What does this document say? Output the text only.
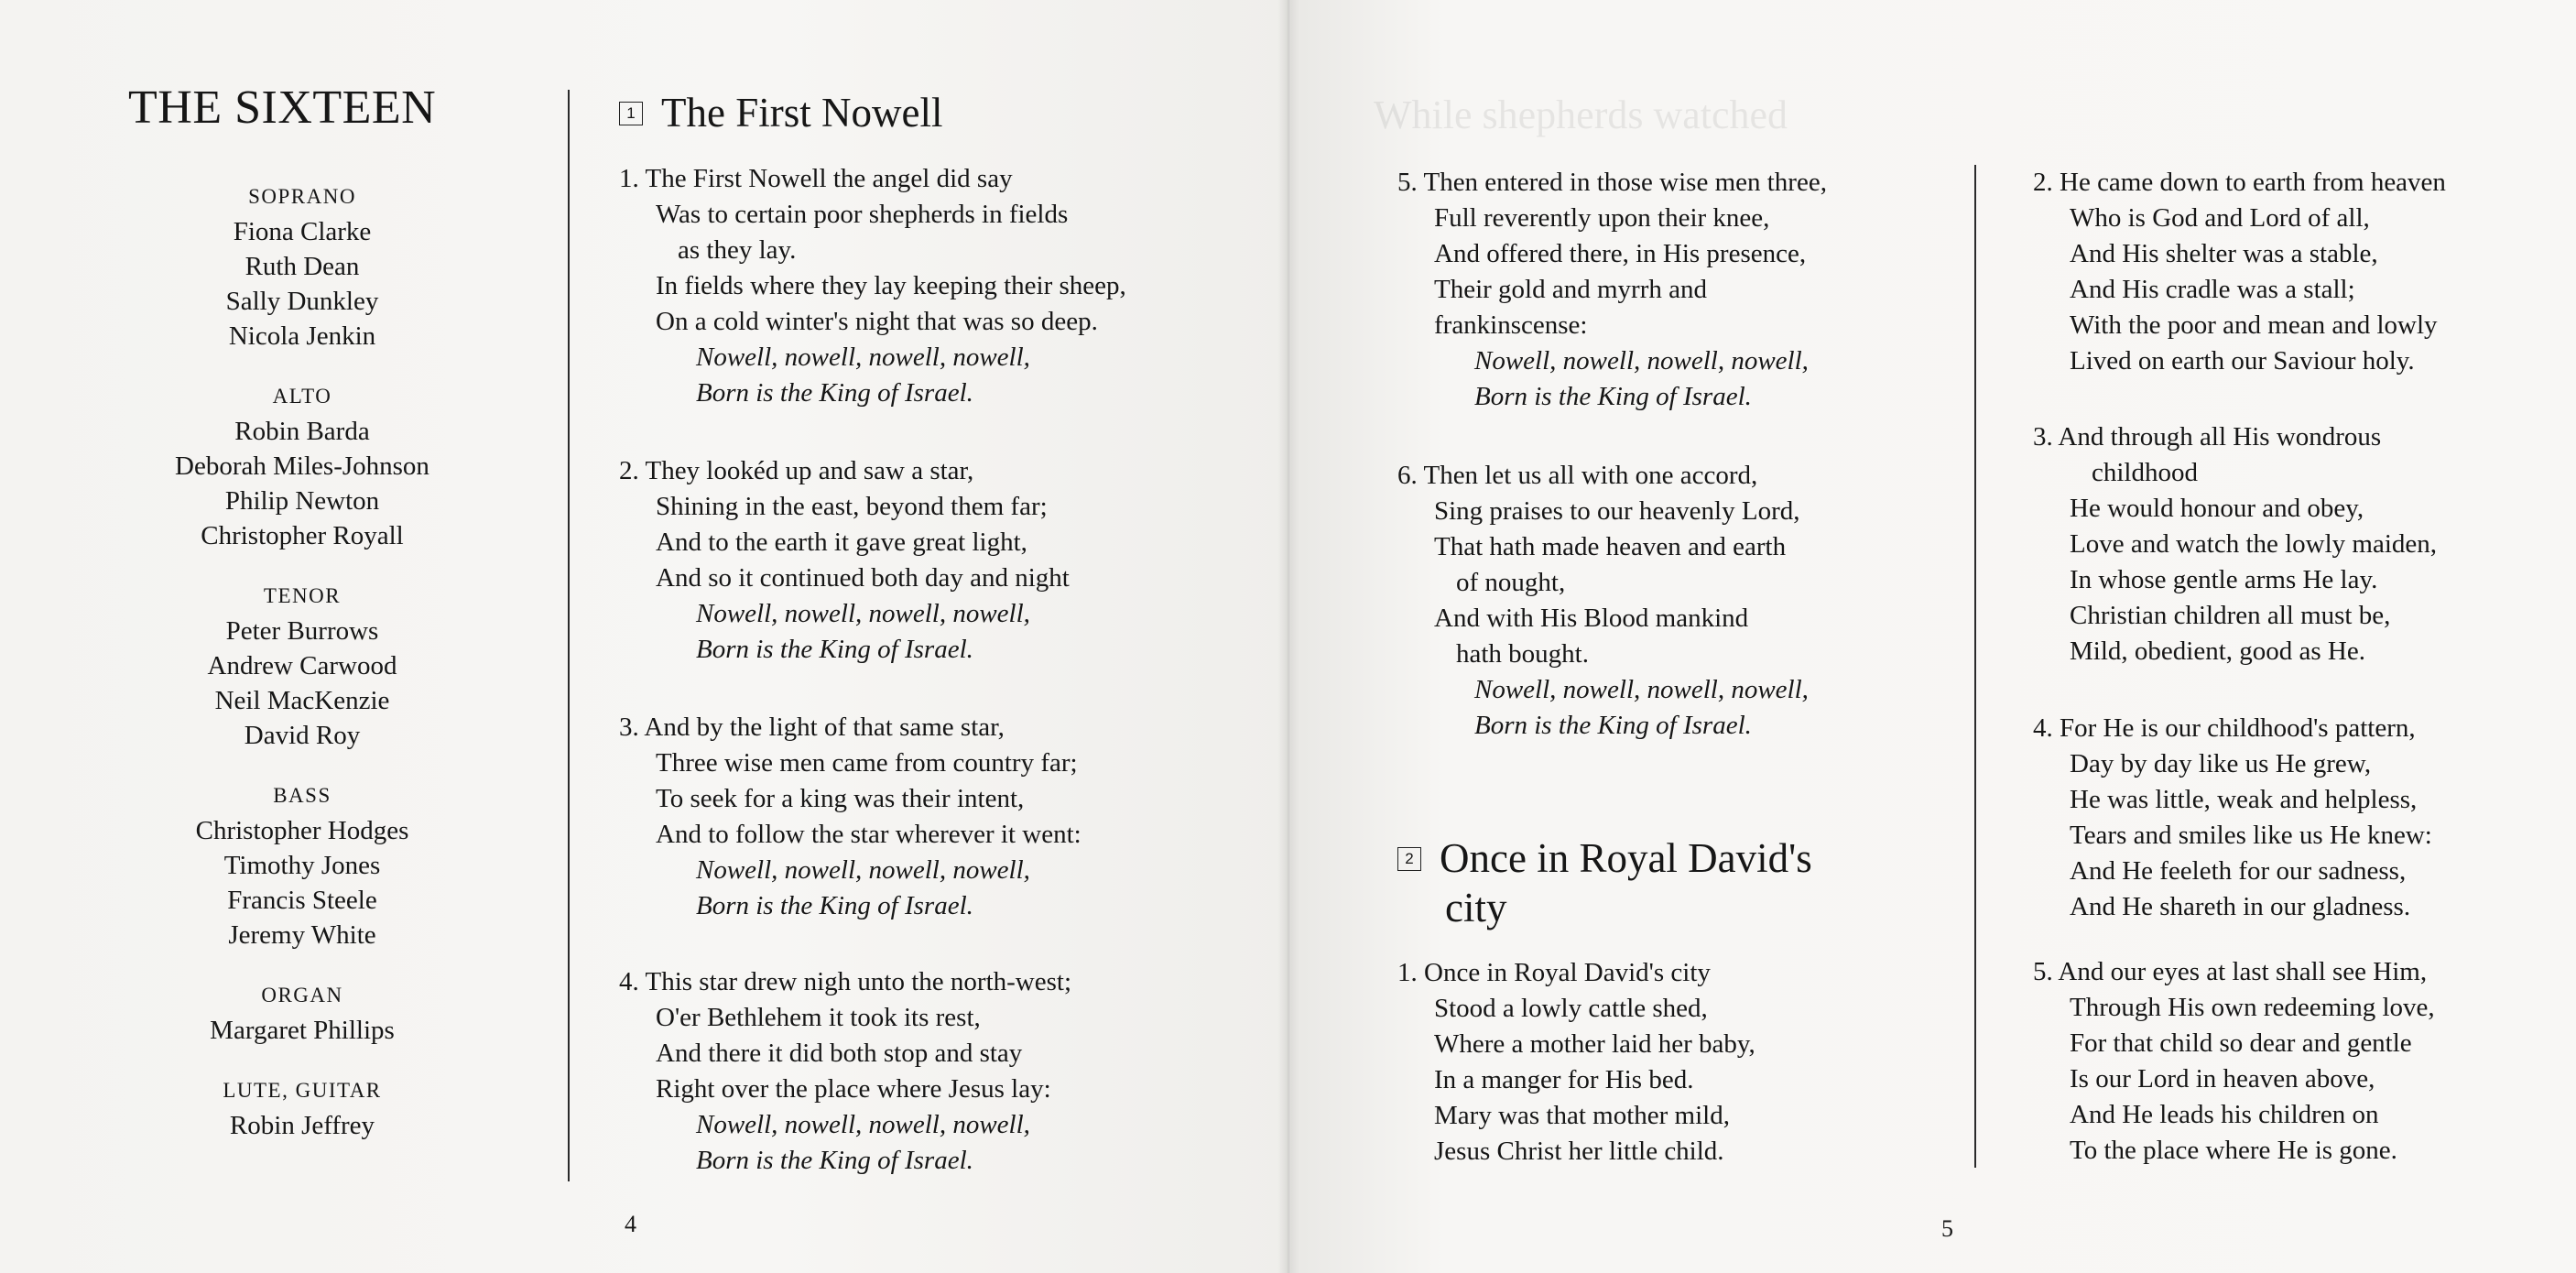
While shepherds watched
THE SIXTEEN
SOPRANO
Fiona Clarke
Ruth Dean
Sally Dunkley
Nicola Jenkin
ALTO
Robin Barda
Deborah Miles-Johnson
Philip Newton
Christopher Royall
TENOR
Peter Burrows
Andrew Carwood
Neil MacKenzie
David Roy
BASS
Christopher Hodges
Timothy Jones
Francis Steele
Jeremy White
ORGAN
Margaret Phillips
LUTE, GUITAR
Robin Jeffrey
1 The First Nowell
1. The First Nowell the angel did say
Was to certain poor shepherds in fields
as they lay.
In fields where they lay keeping their sheep,
On a cold winter's night that was so deep.
Nowell, nowell, nowell, nowell,
Born is the King of Israel.
2. They lookéd up and saw a star,
Shining in the east, beyond them far;
And to the earth it gave great light,
And so it continued both day and night
Nowell, nowell, nowell, nowell,
Born is the King of Israel.
3. And by the light of that same star,
Three wise men came from country far;
To seek for a king was their intent,
And to follow the star wherever it went:
Nowell, nowell, nowell, nowell,
Born is the King of Israel.
4. This star drew nigh unto the north-west;
O'er Bethlehem it took its rest,
And there it did both stop and stay
Right over the place where Jesus lay:
Nowell, nowell, nowell, nowell,
Born is the King of Israel.
4
5. Then entered in those wise men three,
Full reverently upon their knee,
And offered there, in His presence,
Their gold and myrrh and
frankinscense:
Nowell, nowell, nowell, nowell,
Born is the King of Israel.
6. Then let us all with one accord,
Sing praises to our heavenly Lord,
That hath made heaven and earth
of nought,
And with His Blood mankind
hath bought.
Nowell, nowell, nowell, nowell,
Born is the King of Israel.
2 Once in Royal David's
city
1. Once in Royal David's city
Stood a lowly cattle shed,
Where a mother laid her baby,
In a manger for His bed.
Mary was that mother mild,
Jesus Christ her little child.
2. He came down to earth from heaven
Who is God and Lord of all,
And His shelter was a stable,
And His cradle was a stall;
With the poor and mean and lowly
Lived on earth our Saviour holy.
3. And through all His wondrous
childhood
He would honour and obey,
Love and watch the lowly maiden,
In whose gentle arms He lay.
Christian children all must be,
Mild, obedient, good as He.
4. For He is our childhood's pattern,
Day by day like us He grew,
He was little, weak and helpless,
Tears and smiles like us He knew:
And He feeleth for our sadness,
And He shareth in our gladness.
5. And our eyes at last shall see Him,
Through His own redeeming love,
For that child so dear and gentle
Is our Lord in heaven above,
And He leads his children on
To the place where He is gone.
5
